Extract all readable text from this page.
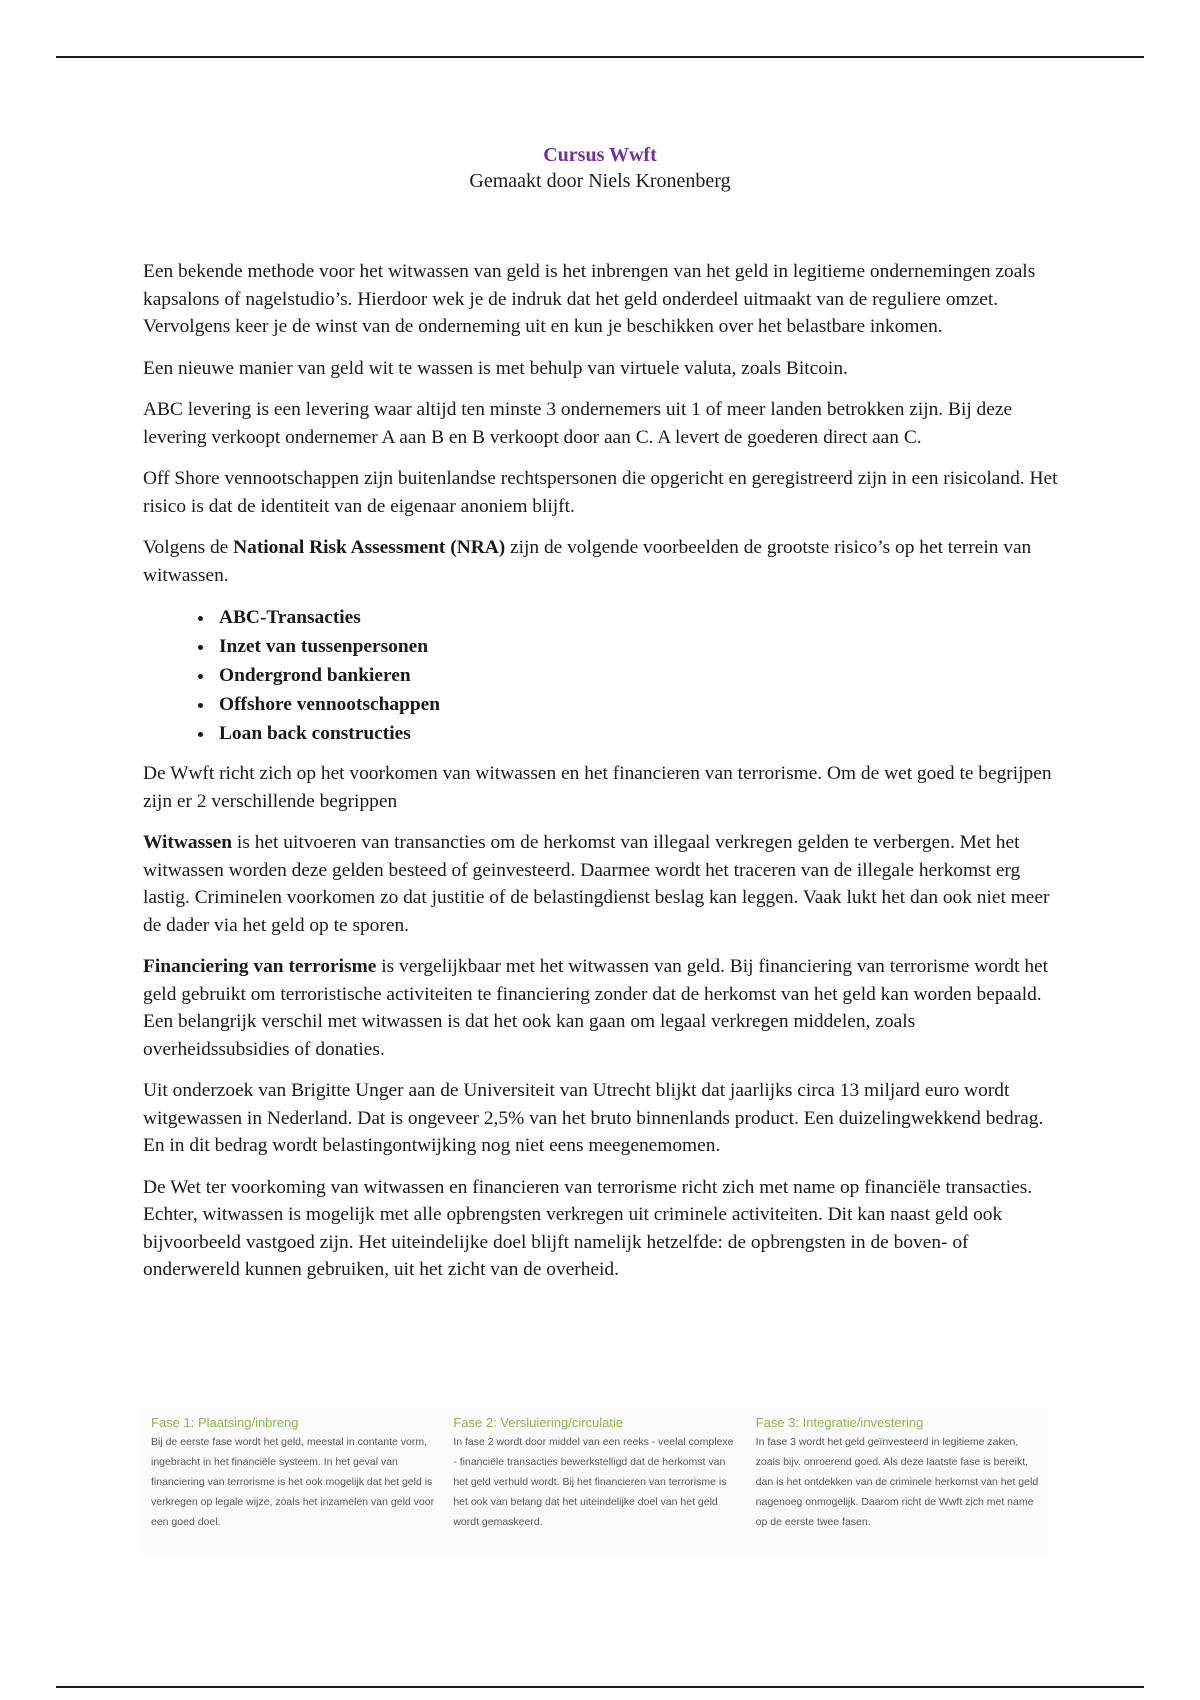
Cursus Wwft
Gemaakt door Niels Kronenberg

Een bekende methode voor het witwassen van geld is het inbrengen van het geld in legitieme ondernemingen zoals kapsalons of nagelstudio’s. Hierdoor wek je de indruk dat het geld onderdeel uitmaakt van de reguliere omzet. Vervolgens keer je de winst van de onderneming uit en kun je beschikken over het belastbare inkomen.

Een nieuwe manier van geld wit te wassen is met behulp van virtuele valuta, zoals Bitcoin.

ABC levering is een levering waar altijd ten minste 3 ondernemers uit 1 of meer landen betrokken zijn. Bij deze levering verkoopt ondernemer A aan B en B verkoopt door aan C. A levert de goederen direct aan C.

Off Shore vennootschappen zijn buitenlandse rechtspersonen die opgericht en geregistreerd zijn in een risicoland. Het risico is dat de identiteit van de eigenaar anoniem blijft.

Volgens de National Risk Assessment (NRA) zijn de volgende voorbeelden de grootste risico’s op het terrein van witwassen.

• ABC-Transacties
• Inzet van tussenpersonen
• Ondergrond bankieren
• Offshore vennootschappen
• Loan back constructies

De Wwft richt zich op het voorkomen van witwassen en het financieren van terrorisme. Om de wet goed te begrijpen zijn er 2 verschillende begrippen

Witwassen is het uitvoeren van transancties om de herkomst van illegaal verkregen gelden te verbergen. Met het witwassen worden deze gelden besteed of geinvesteerd. Daarmee wordt het traceren van de illegale herkomst erg lastig. Criminelen voorkomen zo dat justitie of de belastingdienst beslag kan leggen. Vaak lukt het dan ook niet meer de dader via het geld op te sporen.

Financiering van terrorisme is vergelijkbaar met het witwassen van geld. Bij financiering van terrorisme wordt het geld gebruikt om terroristische activiteiten te financiering zonder dat de herkomst van het geld kan worden bepaald. Een belangrijk verschil met witwassen is dat het ook kan gaan om legaal verkregen middelen, zoals overheidssubsidies of donaties.

Uit onderzoek van Brigitte Unger aan de Universiteit van Utrecht blijkt dat jaarlijks circa 13 miljard euro wordt witgewassen in Nederland. Dat is ongeveer 2,5% van het bruto binnenlands product. Een duizelingwekkend bedrag. En in dit bedrag wordt belastingontwijking nog niet eens meegenemomen.

De Wet ter voorkoming van witwassen en financieren van terrorisme richt zich met name op financiële transacties. Echter, witwassen is mogelijk met alle opbrengsten verkregen uit criminele activiteiten. Dit kan naast geld ook bijvoorbeeld vastgoed zijn. Het uiteindelijke doel blijft namelijk hetzelfde: de opbrengsten in de boven- of onderwereld kunnen gebruiken, uit het zicht van de overheid.

Fase 1: Plaatsing/inbreng
Bij de eerste fase wordt het geld, meestal in contante vorm, ingebracht in het financiële systeem. In het geval van financiering van terrorisme is het ook mogelijk dat het geld is verkregen op legale wijze, zoals het inzamelen van geld voor een goed doel.
Fase 2: Versluiering/circulatie
In fase 2 wordt door middel van een reeks - veelal complexe - financiële transacties bewerkstelligd dat de herkomst van het geld verhuld wordt. Bij het financieren van terrorisme is het ook van belang dat het uiteindelijke doel van het geld wordt gemaskeerd.
Fase 3: Integratie/investering
In fase 3 wordt het geld geïnvesteerd in legitieme zaken, zoals bijv. onroerend goed. Als deze laatste fase is bereikt, dan is het ontdekken van de criminele herkomst van het geld nagenoeg onmogelijk. Daarom richt de Wwft zich met name op de eerste twee fasen.
